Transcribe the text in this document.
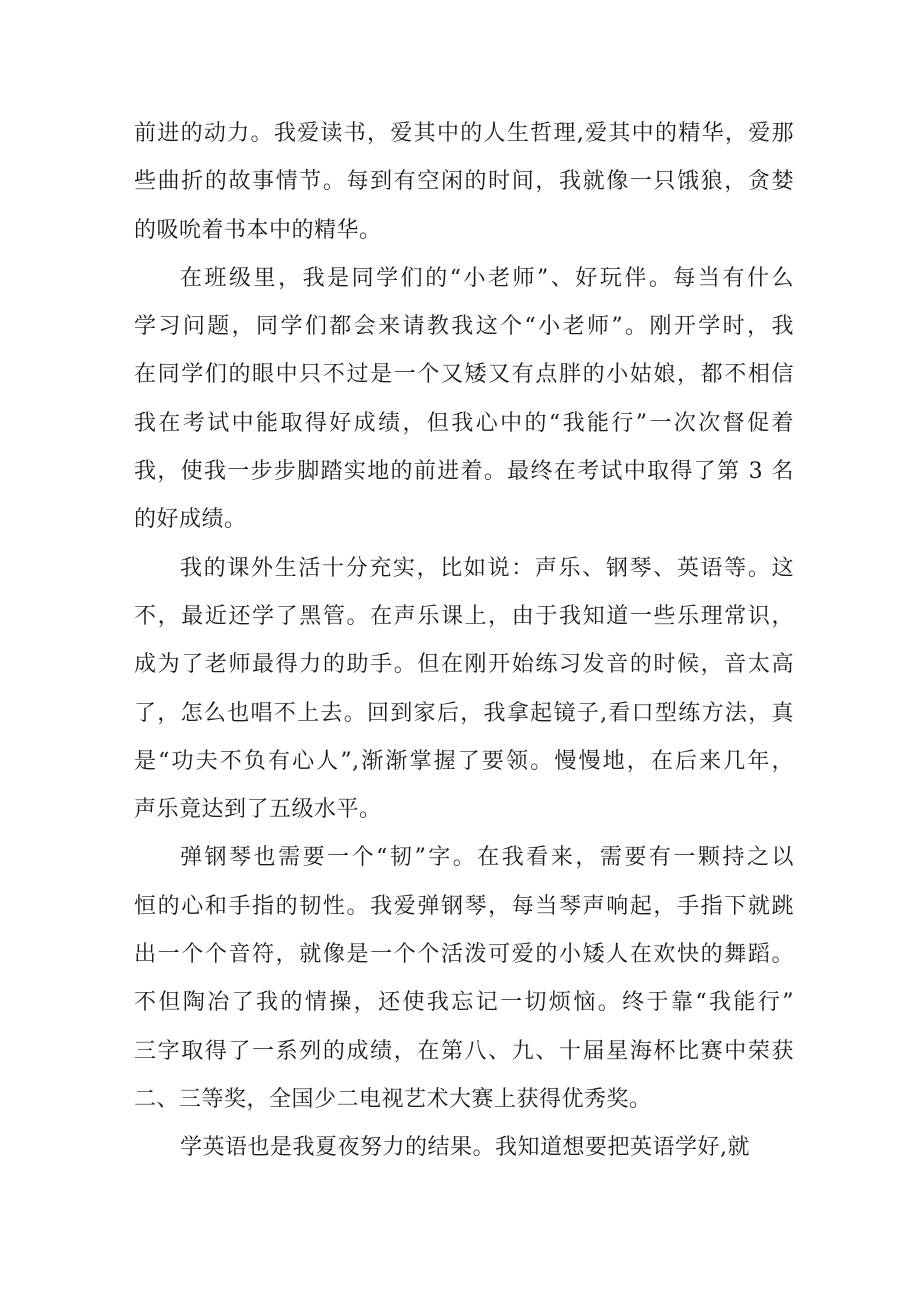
前进的动力。我爱读书，爱其中的人生哲理,爱其中的精华，爱那
些曲折的故事情节。每到有空闲的时间，我就像一只饿狼，贪婪
的吸吮着书本中的精华。

在班级里，我是同学们的“小老师”、好玩伴。每当有什么
学习问题，同学们都会来请教我这个“小老师”。刚开学时，我
在同学们的眼中只不过是一个又矮又有点胖的小姑娘，都不相信
我在考试中能取得好成绩，但我心中的“我能行”一次次督促着
我，使我一步步脚踏实地的前进着。最终在考试中取得了第 3 名
的好成绩。

我的课外生活十分充实，比如说：声乐、钢琴、英语等。这
不，最近还学了黑管。在声乐课上，由于我知道一些乐理常识，
成为了老师最得力的助手。但在刚开始练习发音的时候，音太高
了，怎么也唱不上去。回到家后，我拿起镜子,看口型练方法，真
是“功夫不负有心人”,渐渐掌握了要领。慢慢地，在后来几年，
声乐竟达到了五级水平。

弹钢琴也需要一个“韧”字。在我看来，需要有一颗持之以
恒的心和手指的韧性。我爱弹钢琴，每当琴声响起，手指下就跳
出一个个音符，就像是一个个活泼可爱的小矮人在欢快的舞蹈。
不但陶冶了我的情操，还使我忘记一切烦恼。终于靠“我能行”
三字取得了一系列的成绩，在第八、九、十届星海杯比赛中荣获
二、三等奖，全国少二电视艺术大赛上获得优秀奖。

学英语也是我夏夜努力的结果。我知道想要把英语学好,就
